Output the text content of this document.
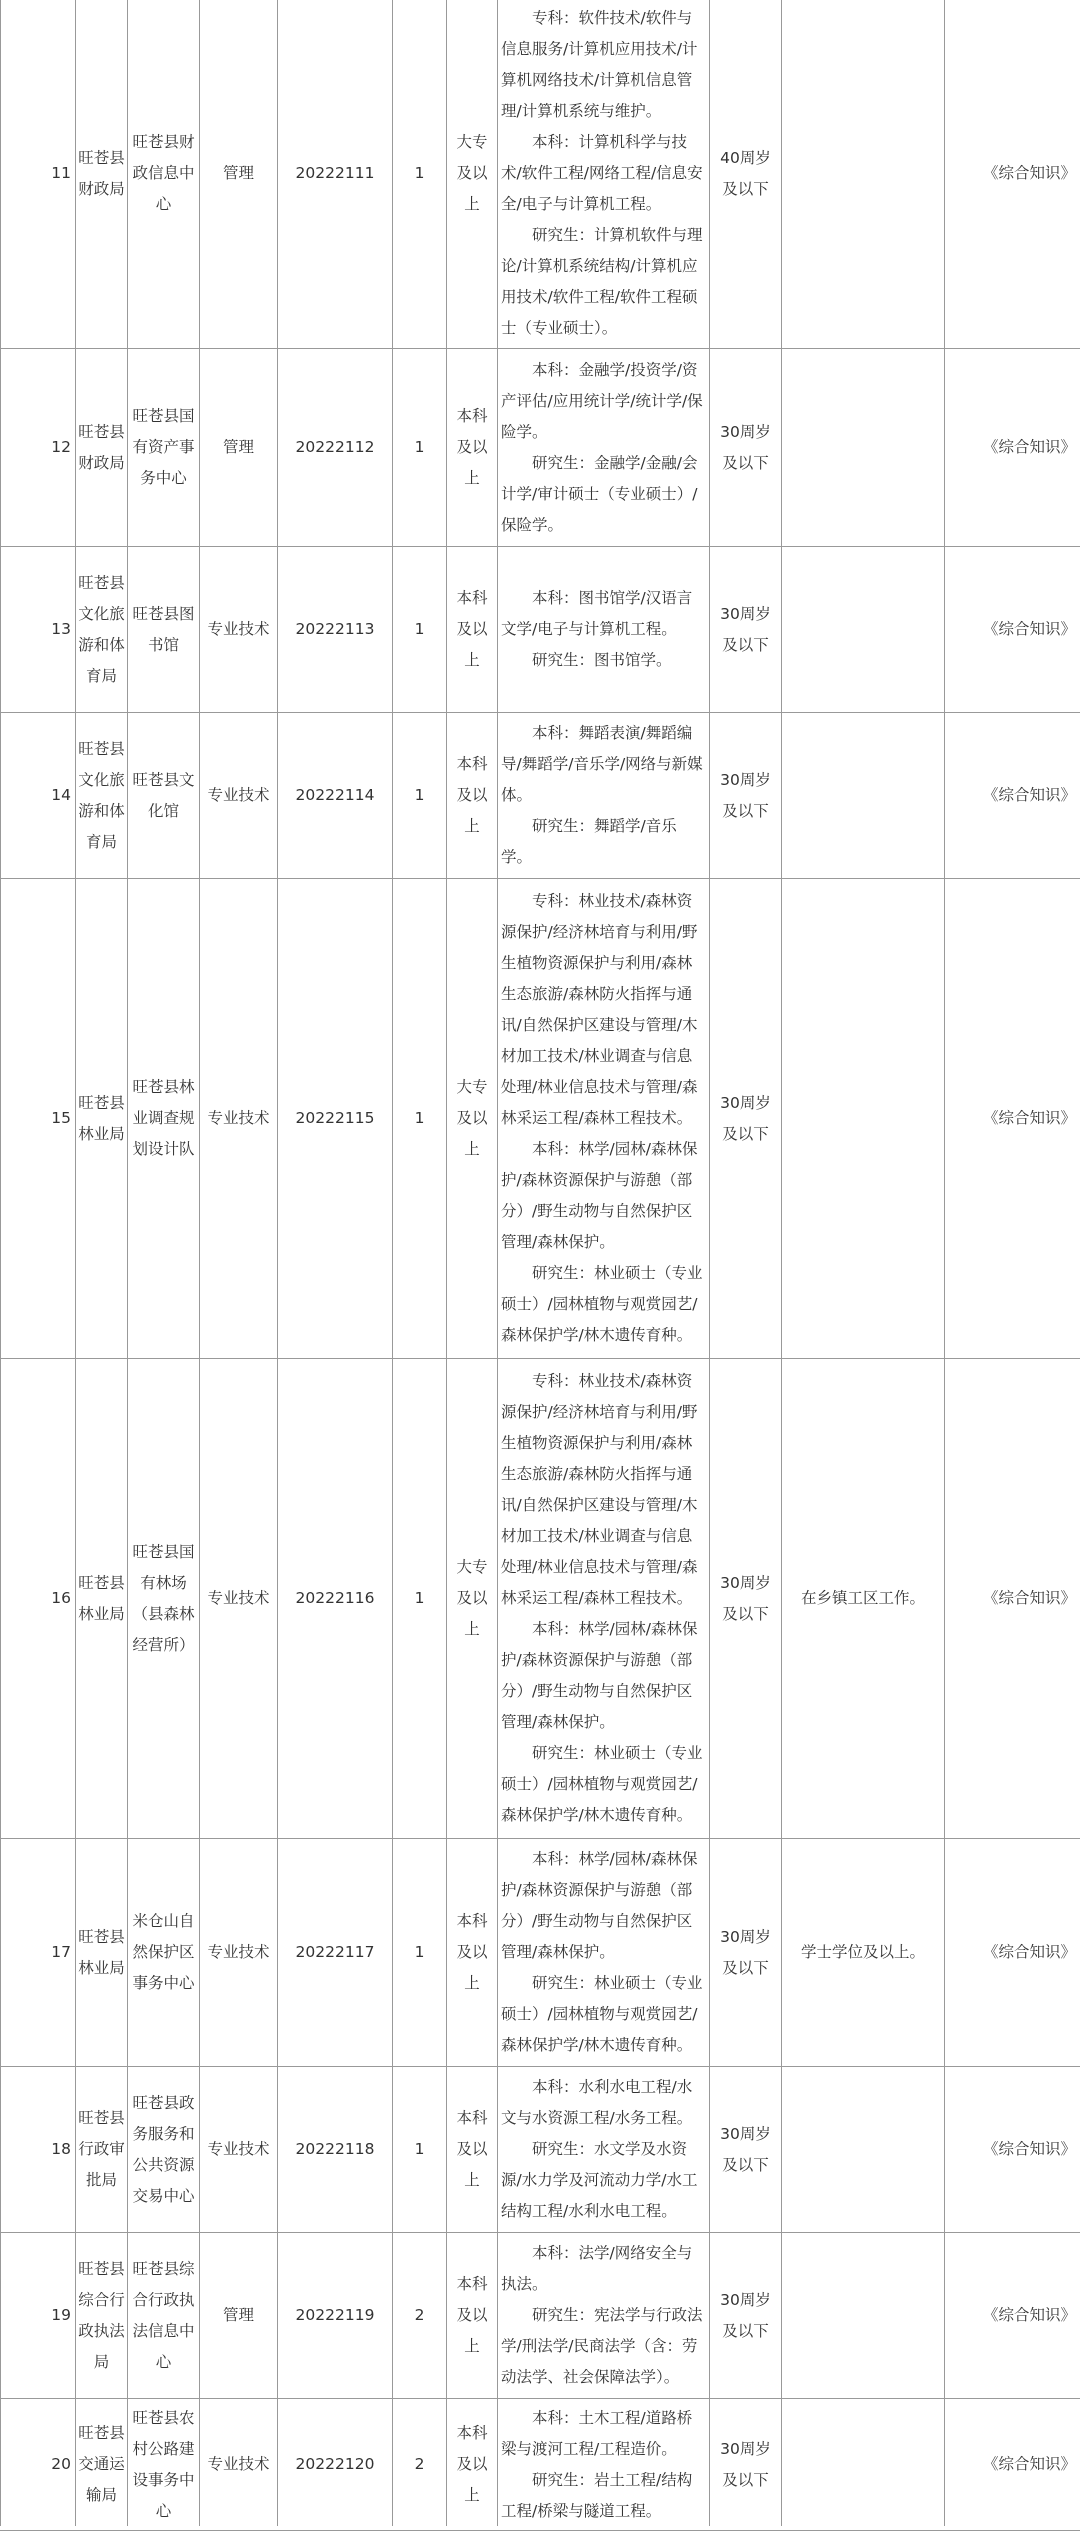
11	旺苍县财政局	旺苍县财政信息中心	管理	20222111	1	大专及以上	专科：软件技术/软件与信息服务/计算机应用技术/计算机网络技术/计算机信息管理/计算机系统与维护。
本科：计算机科学与技术/软件工程/网络工程/信息安全/电子与计算机工程。
研究生：计算机软件与理论/计算机系统结构/计算机应用技术/软件工程/软件工程硕士（专业硕士）。	40周岁及以下		《综合知识》
12	旺苍县财政局	旺苍县国有资产事务中心	管理	20222112	1	本科及以上	本科：金融学/投资学/资产评估/应用统计学/统计学/保险学。
研究生：金融学/金融/会计学/审计硕士（专业硕士）/保险学。	30周岁及以下		《综合知识》
13	旺苍县文化旅游和体育局	旺苍县图书馆	专业技术	20222113	1	本科及以上	本科：图书馆学/汉语言文学/电子与计算机工程。
研究生：图书馆学。	30周岁及以下		《综合知识》
14	旺苍县文化旅游和体育局	旺苍县文化馆	专业技术	20222114	1	本科及以上	本科：舞蹈表演/舞蹈编导/舞蹈学/音乐学/网络与新媒体。
研究生：舞蹈学/音乐学。	30周岁及以下		《综合知识》
15	旺苍县林业局	旺苍县林业调查规划设计队	专业技术	20222115	1	大专及以上	专科：林业技术/森林资源保护/经济林培育与利用/野生植物资源保护与利用/森林生态旅游/森林防火指挥与通讯/自然保护区建设与管理/木材加工技术/林业调查与信息处理/林业信息技术与管理/森林采运工程/森林工程技术。
本科：林学/园林/森林保护/森林资源保护与游憩（部分）/野生动物与自然保护区管理/森林保护。
研究生：林业硕士（专业硕士）/园林植物与观赏园艺/森林保护学/林木遗传育种。	30周岁及以下		《综合知识》
16	旺苍县林业局	旺苍县国有林场（县森林经营所）	专业技术	20222116	1	大专及以上	专科：林业技术/森林资源保护/经济林培育与利用/野生植物资源保护与利用/森林生态旅游/森林防火指挥与通讯/自然保护区建设与管理/木材加工技术/林业调查与信息处理/林业信息技术与管理/森林采运工程/森林工程技术。
本科：林学/园林/森林保护/森林资源保护与游憩（部分）/野生动物与自然保护区管理/森林保护。
研究生：林业硕士（专业硕士）/园林植物与观赏园艺/森林保护学/林木遗传育种。	30周岁及以下	在乡镇工区工作。	《综合知识》
17	旺苍县林业局	米仓山自然保护区事务中心	专业技术	20222117	1	本科及以上	本科：林学/园林/森林保护/森林资源保护与游憩（部分）/野生动物与自然保护区管理/森林保护。
研究生：林业硕士（专业硕士）/园林植物与观赏园艺/森林保护学/林木遗传育种。	30周岁及以下	学士学位及以上。	《综合知识》
18	旺苍县行政审批局	旺苍县政务服务和公共资源交易中心	专业技术	20222118	1	本科及以上	本科：水利水电工程/水文与水资源工程/水务工程。
研究生：水文学及水资源/水力学及河流动力学/水工结构工程/水利水电工程。	30周岁及以下		《综合知识》
19	旺苍县综合行政执法局	旺苍县综合行政执法信息中心	管理	20222119	2	本科及以上	本科：法学/网络安全与执法。
研究生：宪法学与行政法学/刑法学/民商法学（含：劳动法学、社会保障法学）。	30周岁及以下		《综合知识》
20	旺苍县交通运输局	旺苍县农村公路建设事务中心	专业技术	20222120	2	本科及以上	本科：土木工程/道路桥梁与渡河工程/工程造价。
研究生：岩土工程/结构工程/桥梁与隧道工程。	30周岁及以下		《综合知识》
